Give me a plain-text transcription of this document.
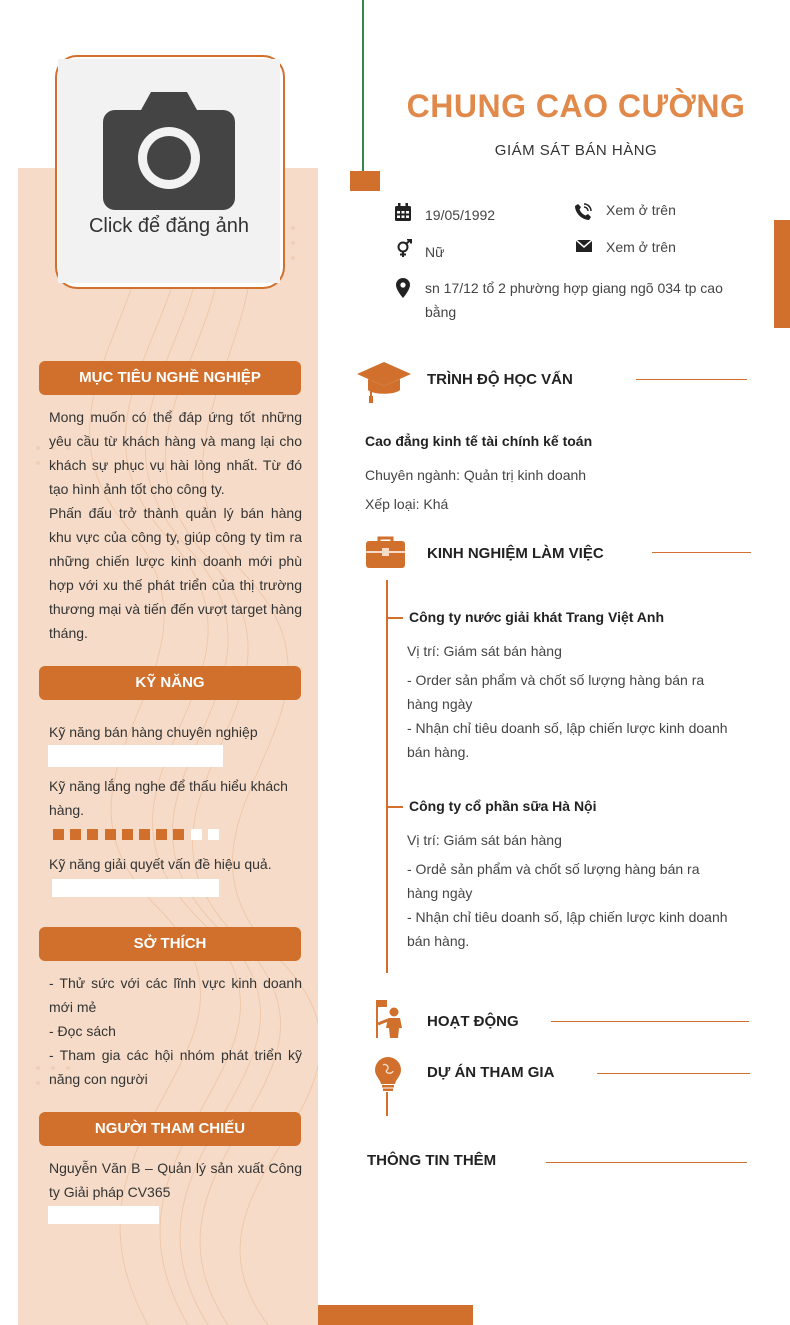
Click để đăng ảnh
MỤC TIÊU NGHỀ NGHIỆP
Mong muốn có thể đáp ứng tốt những yêu cầu từ khách hàng và mang lại cho khách sự phục vụ hài lòng nhất. Từ đó tạo hình ảnh tốt cho công ty.
Phấn đấu trở thành quản lý bán hàng khu vực của công ty, giúp công ty tìm ra những chiến lược kinh doanh mới phù hợp với xu thế phát triển của thị trường thương mại và tiến đến vượt target hàng tháng.
KỸ NĂNG
Kỹ năng bán hàng chuyên nghiệp
Kỹ năng lắng nghe để thấu hiểu khách hàng.
Kỹ năng giải quyết vấn đề hiệu quả.
SỞ THÍCH
- Thử sức với các lĩnh vực kinh doanh mới mẻ
- Đọc sách
- Tham gia các hội nhóm phát triển kỹ năng con người
NGƯỜI THAM CHIẾU
Nguyễn Văn B – Quản lý sản xuất Công ty Giải pháp CV365
CHUNG CAO CƯỜNG
GIÁM SÁT BÁN HÀNG
19/05/1992	Xem ở trên
Nữ	Xem ở trên
sn 17/12 tổ 2 phường hợp giang ngõ 034 tp cao bằng
TRÌNH ĐỘ HỌC VẤN
Cao đẳng kinh tế tài chính kế toán
Chuyên ngành: Quản trị kinh doanh
Xếp loại: Khá
KINH NGHIỆM LÀM VIỆC
Công ty nước giải khát Trang Việt Anh
Vị trí: Giám sát bán hàng
- Order sản phẩm và chốt số lượng hàng bán ra hàng ngày
- Nhận chỉ tiêu doanh số, lập chiến lược kinh doanh bán hàng.
Công ty cổ phần sữa Hà Nội
Vị trí: Giám sát bán hàng
- Ordẻ sản phẩm và chốt số lượng hàng bán ra hàng ngày
- Nhận chỉ tiêu doanh số, lập chiến lược kinh doanh bán hàng.
HOẠT ĐỘNG
DỰ ÁN THAM GIA
THÔNG TIN THÊM
